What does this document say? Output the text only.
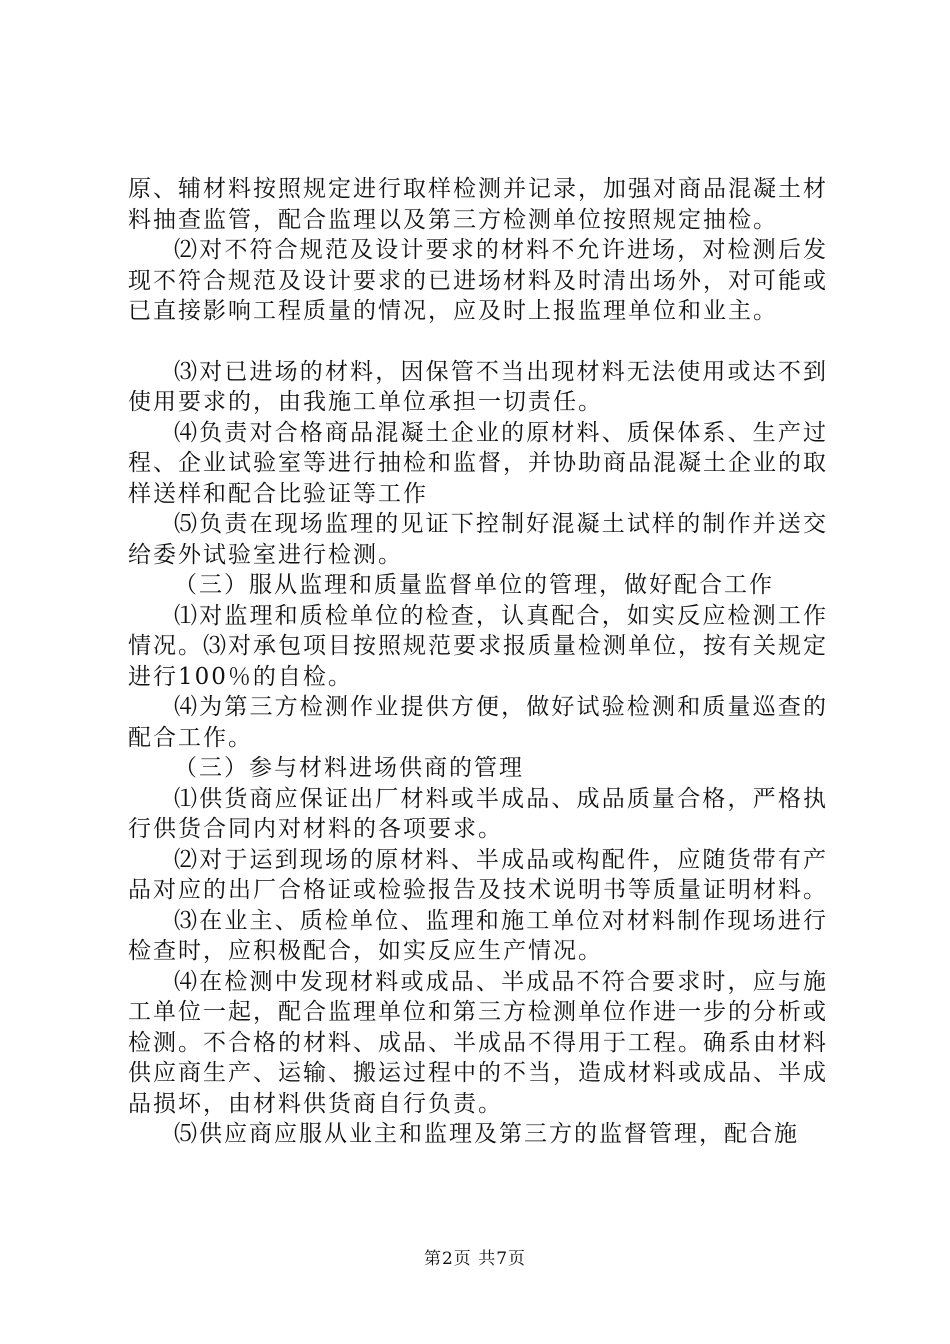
原、辅材料按照规定进行取样检测并记录，加强对商品混凝土材料抽查监管，配合监理以及第三方检测单位按照规定抽检。

⑵对不符合规范及设计要求的材料不允许进场，对检测后发现不符合规范及设计要求的已进场材料及时清出场外，对可能或已直接影响工程质量的情况，应及时上报监理单位和业主。

⑶对已进场的材料，因保管不当出现材料无法使用或达不到使用要求的，由我施工单位承担一切责任。

⑷负责对合格商品混凝土企业的原材料、质保体系、生产过程、企业试验室等进行抽检和监督，并协助商品混凝土企业的取样送样和配合比验证等工作

⑸负责在现场监理的见证下控制好混凝土试样的制作并送交给委外试验室进行检测。

（三）服从监理和质量监督单位的管理，做好配合工作

⑴对监理和质检单位的检查，认真配合，如实反应检测工作情况。⑶对承包项目按照规范要求报质量检测单位，按有关规定进行100％的自检。

⑷为第三方检测作业提供方便，做好试验检测和质量巡查的配合工作。

（三）参与材料进场供商的管理

⑴供货商应保证出厂材料或半成品、成品质量合格，严格执行供货合同内对材料的各项要求。

⑵对于运到现场的原材料、半成品或构配件，应随货带有产品对应的出厂合格证或检验报告及技术说明书等质量证明材料。

⑶在业主、质检单位、监理和施工单位对材料制作现场进行检查时，应积极配合，如实反应生产情况。

⑷在检测中发现材料或成品、半成品不符合要求时，应与施工单位一起，配合监理单位和第三方检测单位作进一步的分析或检测。不合格的材料、成品、半成品不得用于工程。确系由材料供应商生产、运输、搬运过程中的不当，造成材料或成品、半成品损坏，由材料供货商自行负责。

⑸供应商应服从业主和监理及第三方的监督管理，配合施

第2页 共7页
